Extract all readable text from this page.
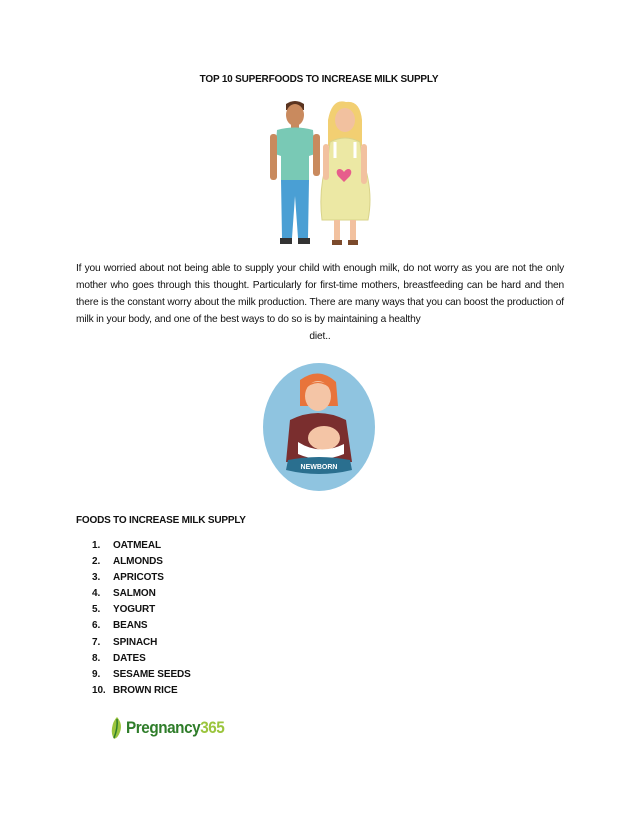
TOP 10 SUPERFOODS TO INCREASE MILK SUPPLY
If you worried about not being able to supply your child with enough milk, do not worry as you are not the only mother who goes through this thought. Particularly for first-time mothers, breastfeeding can be hard and then there is the constant worry about the milk production. There are many ways that you can boost the production of milk in your body, and one of the best ways to do so is by maintaining a healthy
diet..
NEWBORN
FOODS TO INCREASE MILK SUPPLY
1.	OATMEAL
2.	ALMONDS
3.	APRICOTS
4.	SALMON
5.	YOGURT
6.	BEANS
7.	SPINACH
8.	DATES
9.	SESAME SEEDS
10. BROWN RICE
Pregnancy365
